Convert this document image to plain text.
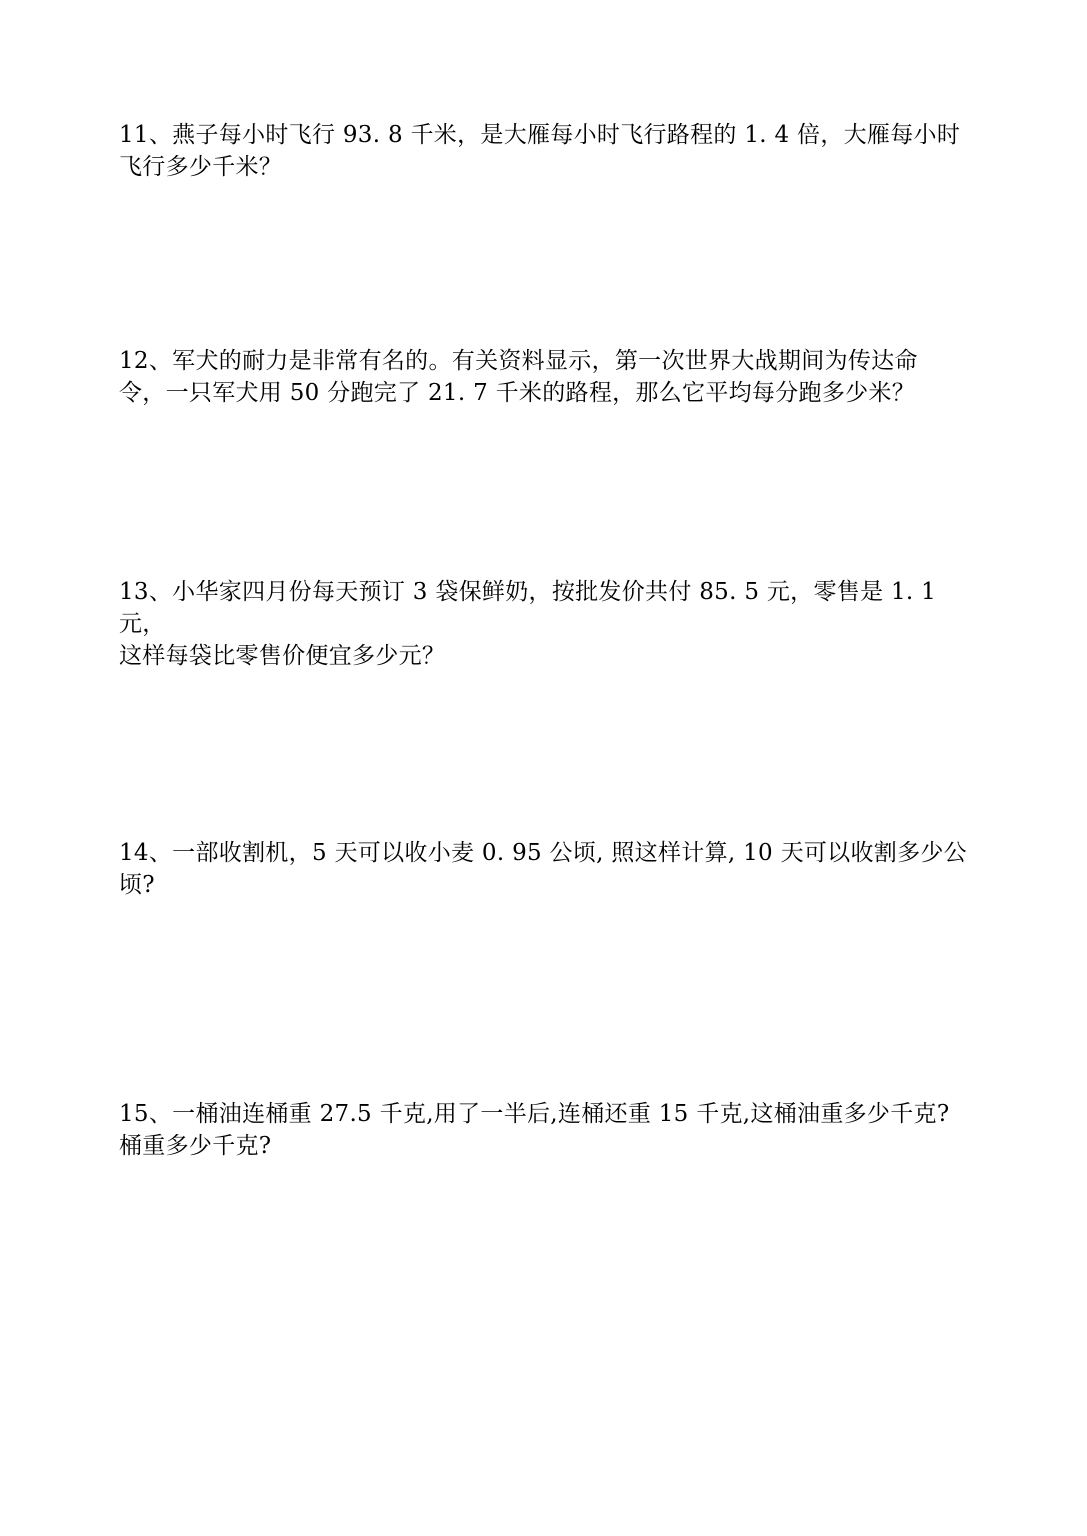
11、燕子每小时飞行 93. 8 千米，是大雁每小时飞行路程的 1. 4 倍，大雁每小时
飞行多少千米？
12、军犬的耐力是非常有名的。有关资料显示，第一次世界大战期间为传达命
令，一只军犬用 50 分跑完了 21. 7 千米的路程，那么它平均每分跑多少米？
13、小华家四月份每天预订 3 袋保鲜奶，按批发价共付 85. 5 元，零售是 1. 1 元，
这样每袋比零售价便宜多少元？
14、一部收割机，5 天可以收小麦 0. 95 公顷, 照这样计算, 10 天可以收割多少公
顷?
15、一桶油连桶重 27.5 千克,用了一半后,连桶还重 15 千克,这桶油重多少千克?
桶重多少千克?
